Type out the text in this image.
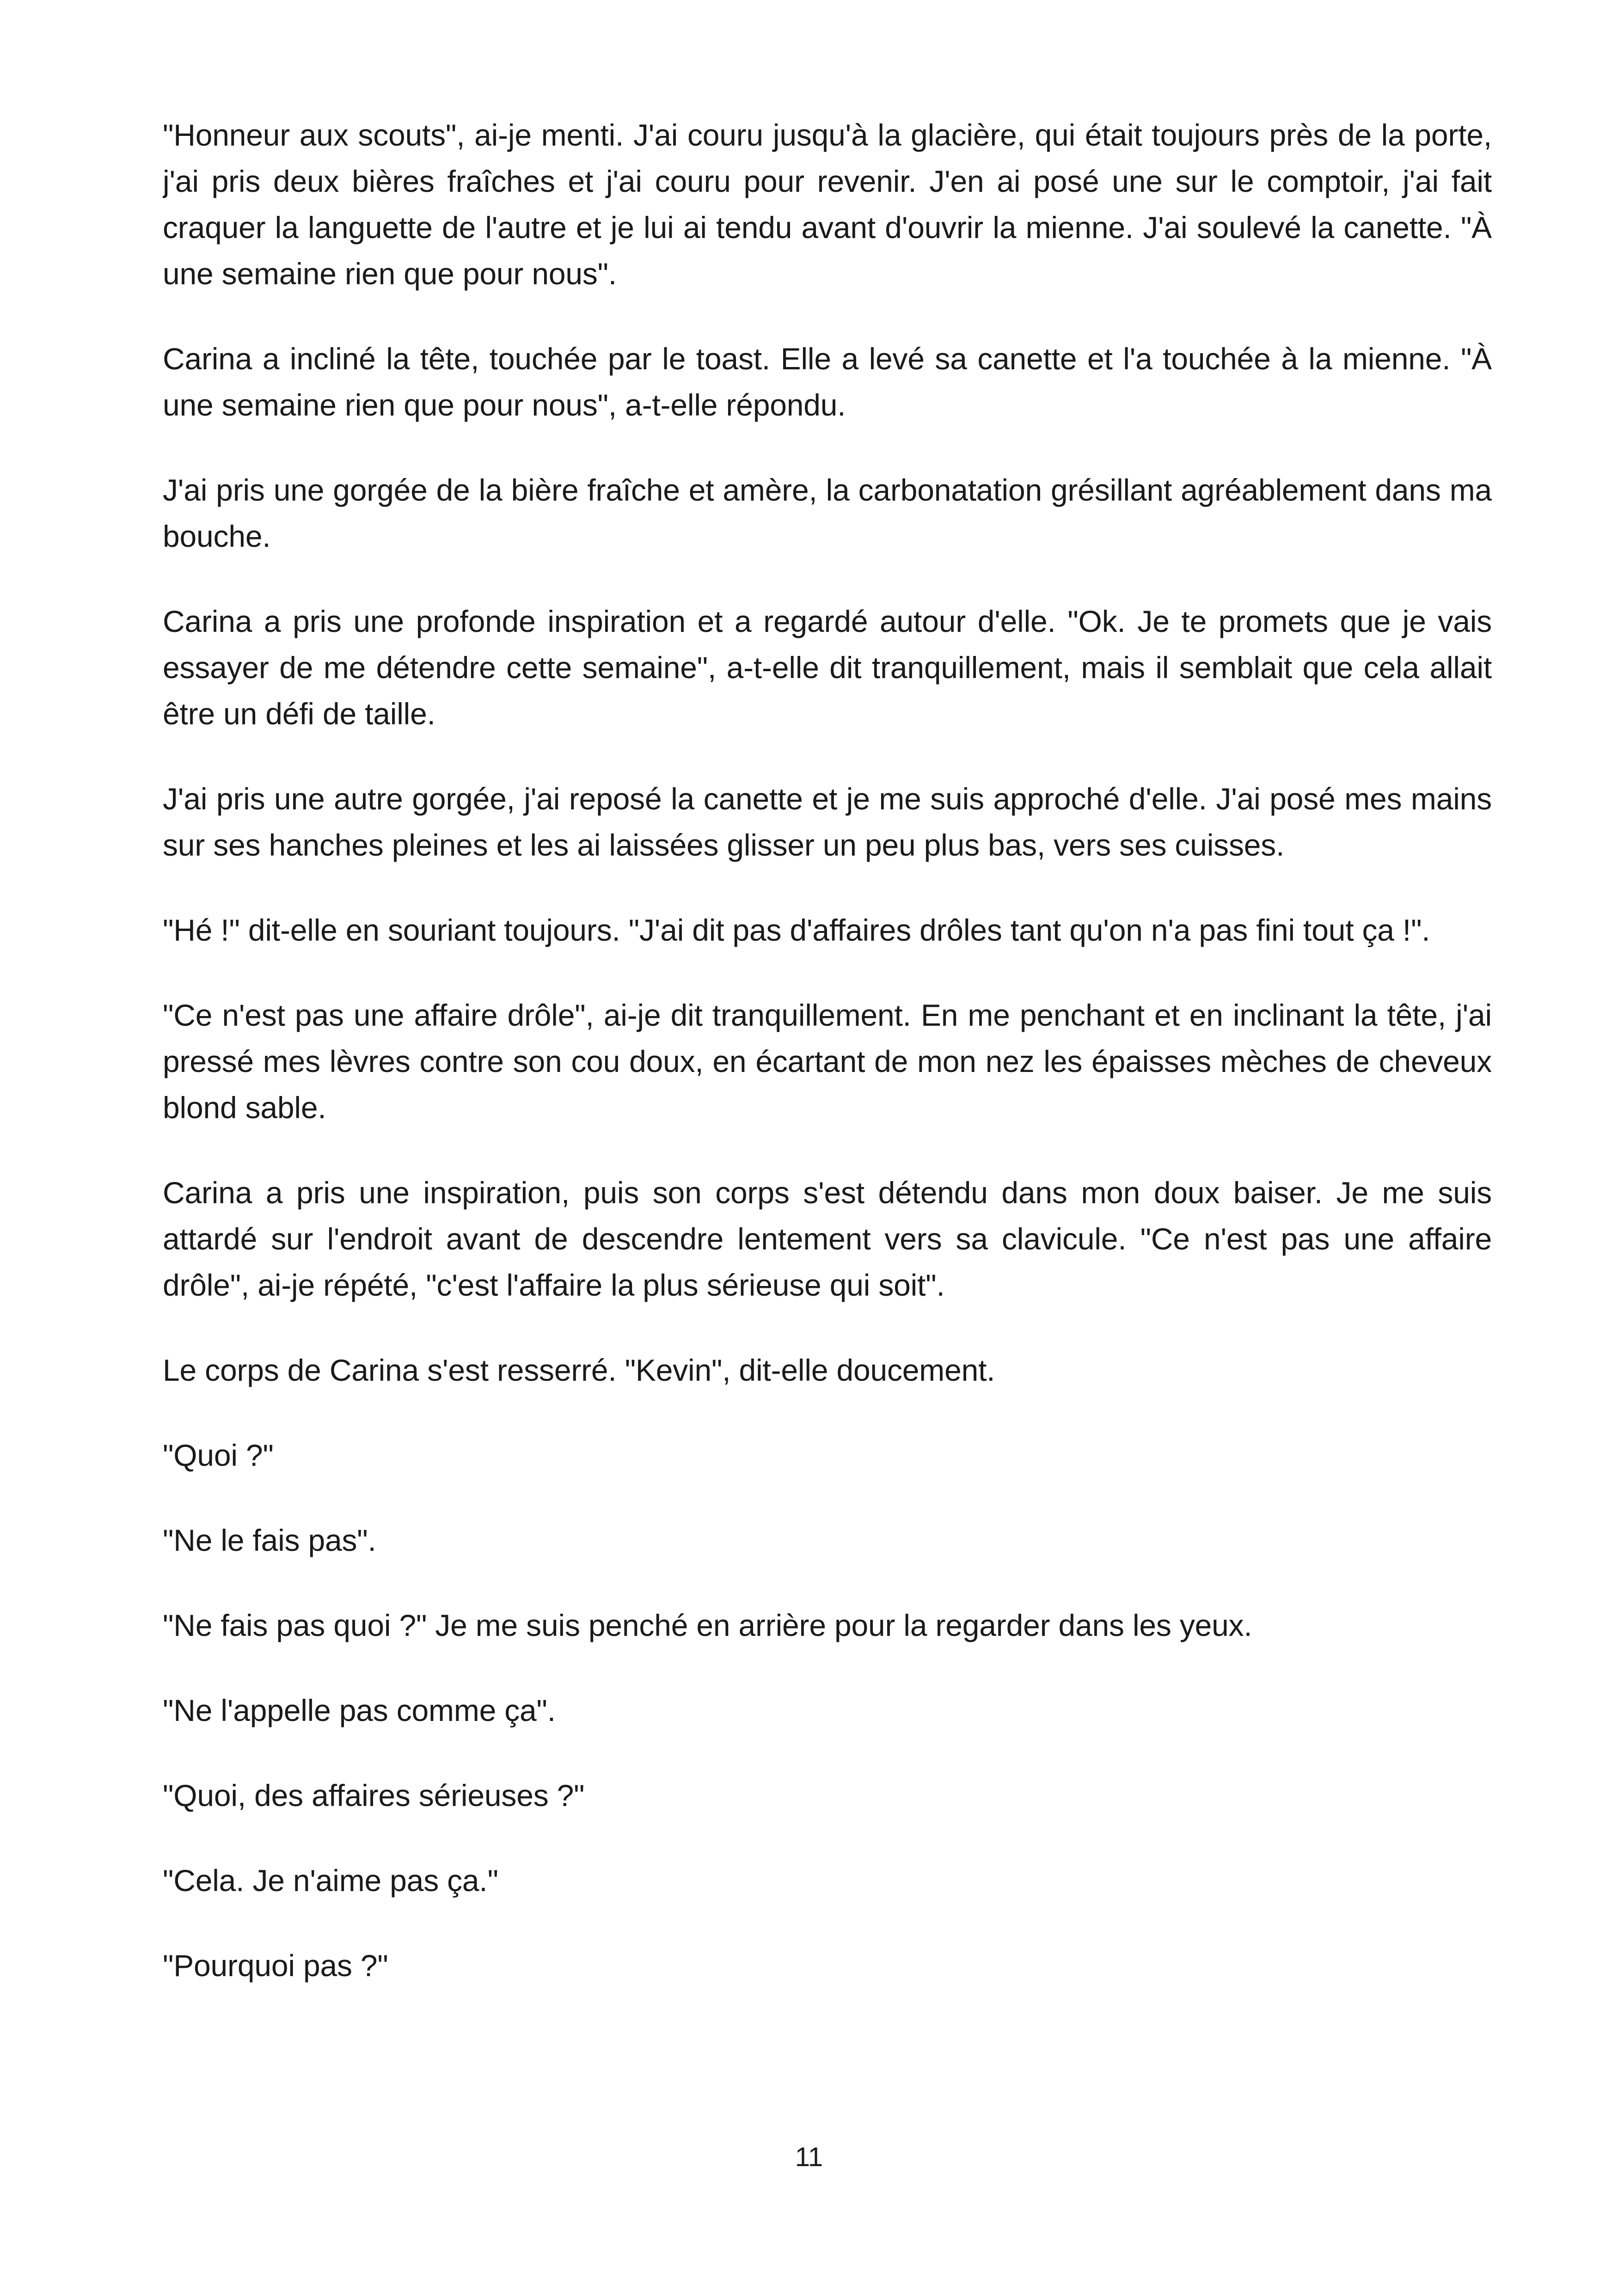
"Honneur aux scouts", ai-je menti. J'ai couru jusqu'à la glacière, qui était toujours près de la porte, j'ai pris deux bières fraîches et j'ai couru pour revenir. J'en ai posé une sur le comptoir, j'ai fait craquer la languette de l'autre et je lui ai tendu avant d'ouvrir la mienne. J'ai soulevé la canette. "À une semaine rien que pour nous".

Carina a incliné la tête, touchée par le toast. Elle a levé sa canette et l'a touchée à la mienne. "À une semaine rien que pour nous", a-t-elle répondu.

J'ai pris une gorgée de la bière fraîche et amère, la carbonatation grésillant agréablement dans ma bouche.

Carina a pris une profonde inspiration et a regardé autour d'elle. "Ok. Je te promets que je vais essayer de me détendre cette semaine", a-t-elle dit tranquillement, mais il semblait que cela allait être un défi de taille.

J'ai pris une autre gorgée, j'ai reposé la canette et je me suis approché d'elle. J'ai posé mes mains sur ses hanches pleines et les ai laissées glisser un peu plus bas, vers ses cuisses.

"Hé !" dit-elle en souriant toujours. "J'ai dit pas d'affaires drôles tant qu'on n'a pas fini tout ça !".

"Ce n'est pas une affaire drôle", ai-je dit tranquillement. En me penchant et en inclinant la tête, j'ai pressé mes lèvres contre son cou doux, en écartant de mon nez les épaisses mèches de cheveux blond sable.

Carina a pris une inspiration, puis son corps s'est détendu dans mon doux baiser. Je me suis attardé sur l'endroit avant de descendre lentement vers sa clavicule. "Ce n'est pas une affaire drôle", ai-je répété, "c'est l'affaire la plus sérieuse qui soit".

Le corps de Carina s'est resserré. "Kevin", dit-elle doucement.

"Quoi ?"

"Ne le fais pas".

"Ne fais pas quoi ?" Je me suis penché en arrière pour la regarder dans les yeux.

"Ne l'appelle pas comme ça".

"Quoi, des affaires sérieuses ?"

"Cela. Je n'aime pas ça."

"Pourquoi pas ?"

11
